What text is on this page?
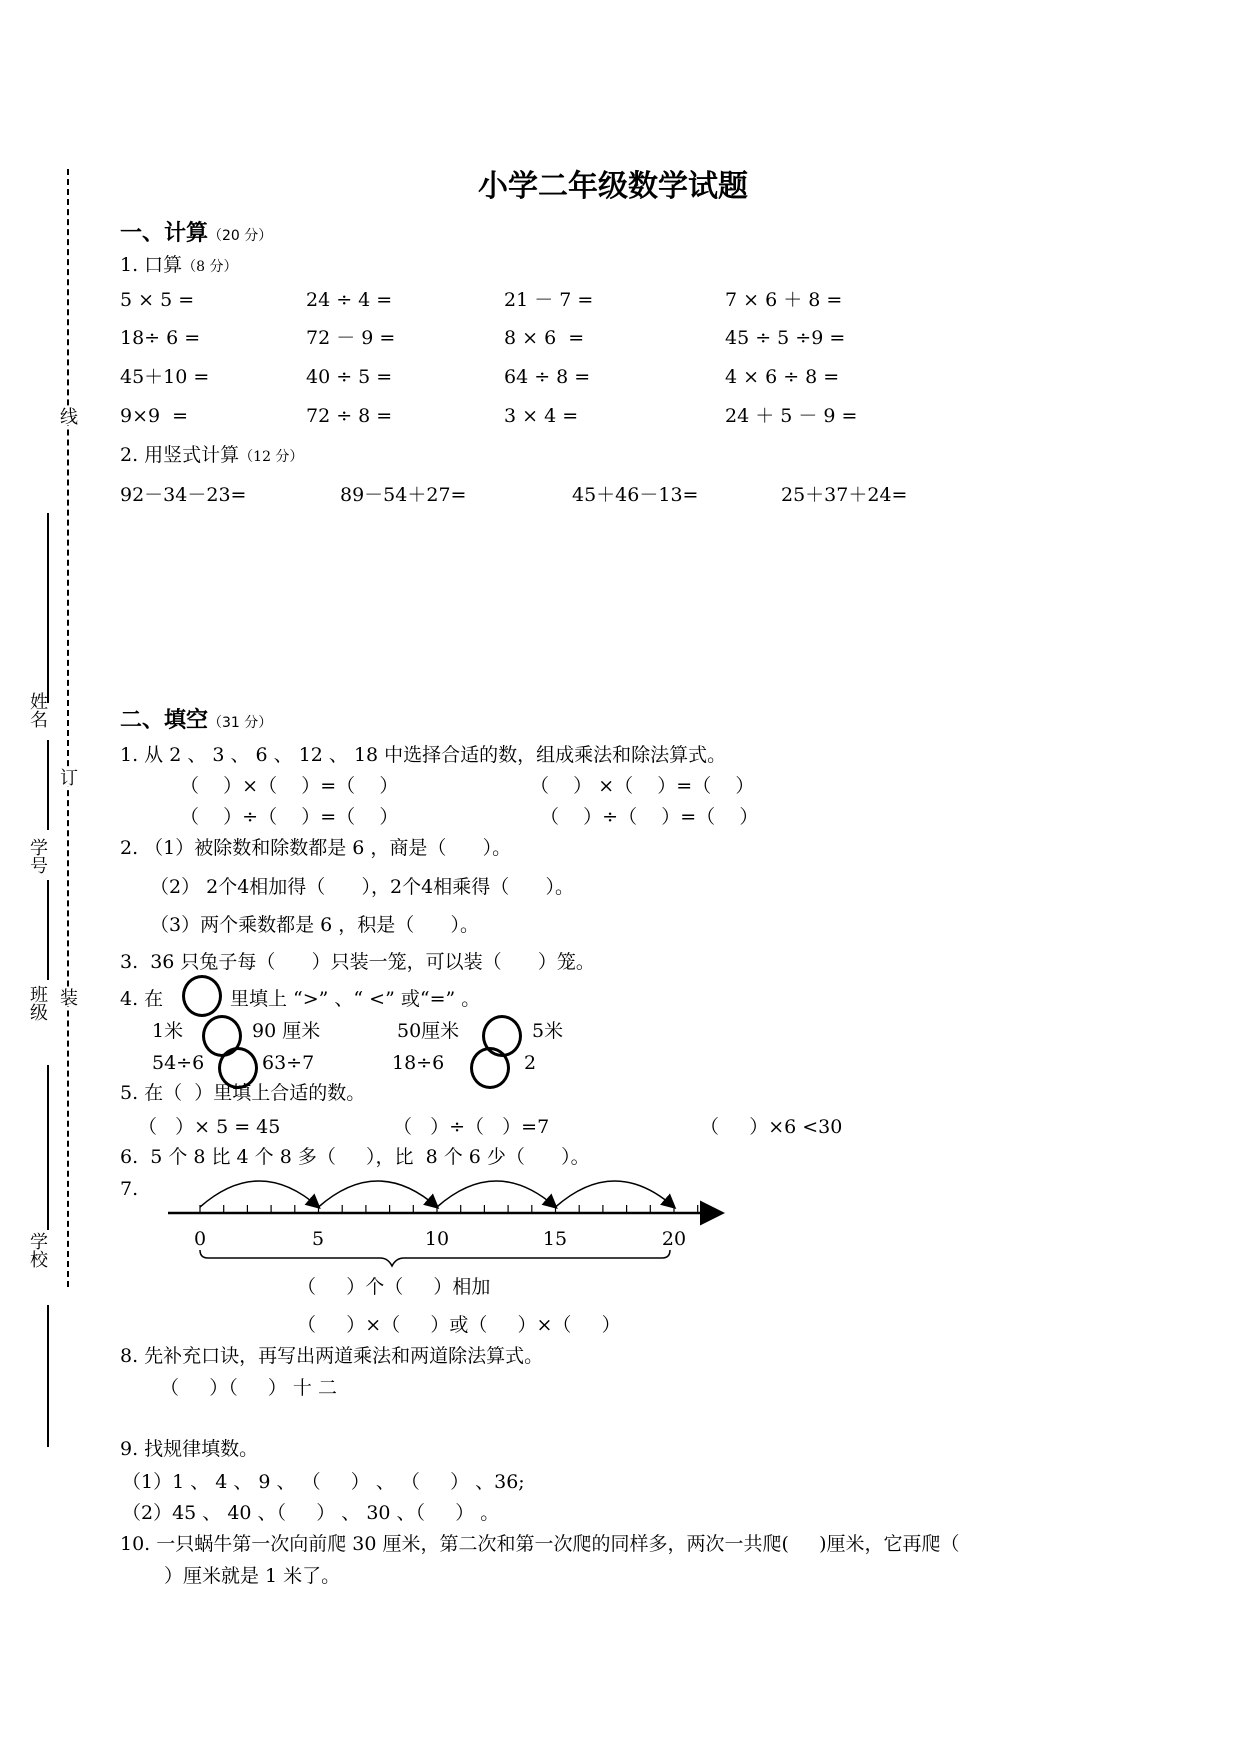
线
订
装
姓名
学号
班级
学校
小学二年级数学试题
一、计算（20 分）
1. 口算（8 分）
5 × 5 =	24 ÷ 4 =	21 － 7 =	7 × 6 ＋ 8 =
18÷ 6 =	72 － 9 =	8 × 6  =	45 ÷ 5 ÷9 =
45＋10 =	40 ÷ 5 =	64 ÷ 8 =	4 × 6 ÷ 8 =
9×9  =	72 ÷ 8 =	3 × 4 =	24 ＋ 5 － 9 =
2. 用竖式计算（12 分）
92－34－23=	89－54＋27=	45＋46－13=	25＋37＋24=
二、填空（31 分）
1. 从 2 、 3 、 6 、 12 、 18 中选择合适的数，组成乘法和除法算式。
（    ）×（    ）=（    ）	（    ） ×（    ）=（    ）
（    ）÷（    ）=（    ）	（    ）÷（    ）=（    ）
2. （1）被除数和除数都是 6 ，商是（      ）。
（2） 2个4相加得（      ），2个4相乘得（      ）。
（3）两个乘数都是 6 ，积是（      ）。
3.  36 只兔子每（      ）只装一笼，可以装（      ）笼。
4. 在	里填上 “>” 、“ <” 或“=” 。
1米	90 厘米	50厘米	5米
54÷6	63÷7	18÷6	2
5. 在（  ）里填上合适的数。
（   ）× 5 = 45	（   ）÷（   ）=7	（     ）×6 <30
6.  5 个 8 比 4 个 8 多（     ），比  8 个 6 少（      ）。
7.
0	5	10	15	20
（     ）个（     ）相加
（     ）×（     ）或（     ）×（     ）
8. 先补充口诀，再写出两道乘法和两道除法算式。
（     ）（     ） 十 二
9. 找规律填数。
（1）1 、 4 、 9 、 （     ） 、 （     ） 、36;
（2）45 、 40 、（     ） 、 30 、（     ） 。
10. 一只蜗牛第一次向前爬 30 厘米，第二次和第一次爬的同样多，两次一共爬(     )厘米，它再爬（
）厘米就是 1 米了。
